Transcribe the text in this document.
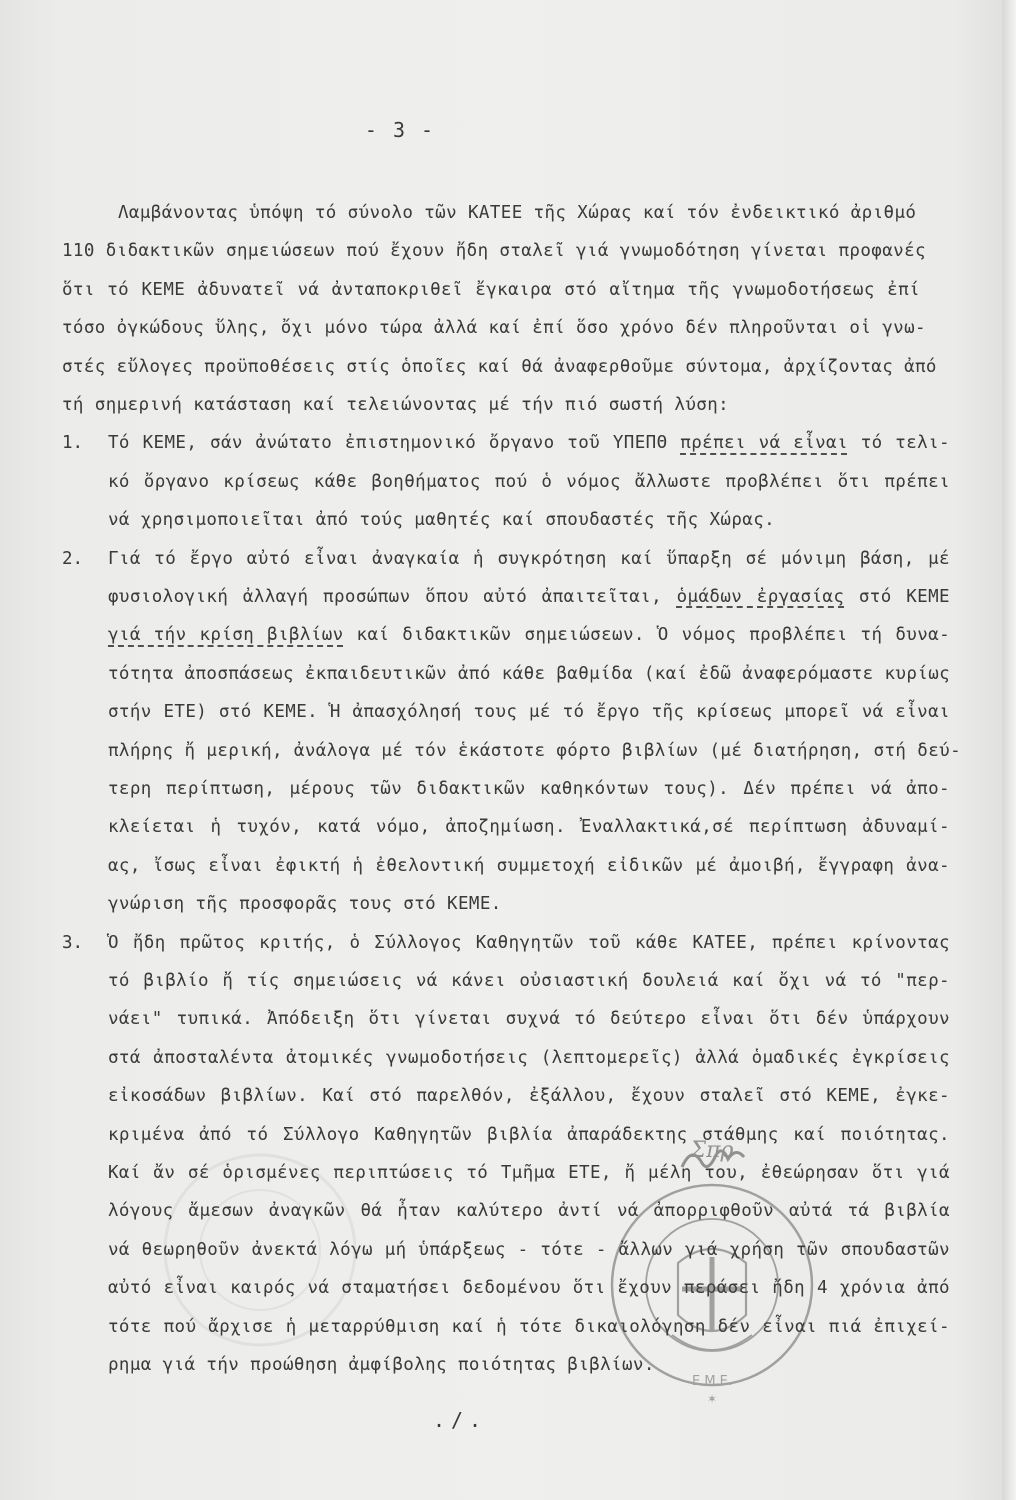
- 3 -
Λαμβάνοντας ὑπόψη τό σύνολο τῶν ΚΑΤΕΕ τῆς Χώρας καί τόν ἐνδεικτικό ἀριθμό
110 διδακτικῶν σημειώσεων πού ἔχουν ἤδη σταλεῖ γιά γνωμοδότηση γίνεται προφανές
ὅτι τό ΚΕΜΕ ἀδυνατεῖ νά ἀνταποκριθεῖ ἔγκαιρα στό αἴτημα τῆς γνωμοδοτήσεως ἐπί
τόσο ὀγκώδους ὕλης, ὄχι μόνο τώρα ἀλλά καί ἐπί ὅσο χρόνο δέν πληροῦνται οἱ γνω-
στές εὔλογες προϋποθέσεις στίς ὁποῖες καί θά ἀναφερθοῦμε σύντομα, ἀρχίζοντας ἀπό
τή σημερινή κατάσταση καί τελειώνοντας μέ τήν πιό σωστή λύση:
1. Τό ΚΕΜΕ, σάν ἀνώτατο ἐπιστημονικό ὄργανο τοῦ ΥΠΕΠΘ πρέπει νά εἶναι τό τελι-
κό ὄργανο κρίσεως κάθε βοηθήματος πού ὁ νόμος ἄλλωστε προβλέπει ὅτι πρέπει
νά χρησιμοποιεῖται ἀπό τούς μαθητές καί σπουδαστές τῆς Χώρας.
2. Γιά τό ἔργο αὐτό εἶναι ἀναγκαία ἡ συγκρότηση καί ὕπαρξη σέ μόνιμη βάση, μέ
φυσιολογική ἀλλαγή προσώπων ὅπου αὐτό ἀπαιτεῖται, ὁμάδων ἐργασίας στό ΚΕΜΕ
γιά τήν κρίση βιβλίων καί διδακτικῶν σημειώσεων. Ὁ νόμος προβλέπει τή δυνα-
τότητα ἀποσπάσεως ἐκπαιδευτικῶν ἀπό κάθε βαθμίδα (καί ἐδῶ ἀναφερόμαστε κυρίως
στήν ΕΤΕ) στό ΚΕΜΕ. Ἡ ἀπασχόλησή τους μέ τό ἔργο τῆς κρίσεως μπορεῖ νά εἶναι
πλήρης ἤ μερική, ἀνάλογα μέ τόν ἑκάστοτε φόρτο βιβλίων (μέ διατήρηση, στή δεύ-
τερη περίπτωση, μέρους τῶν διδακτικῶν καθηκόντων τους). Δέν πρέπει νά ἀπο-
κλείεται ἡ τυχόν, κατά νόμο, ἀποζημίωση. Ἐναλλακτικά,σέ περίπτωση ἀδυναμί-
ας, ἴσως εἶναι ἐφικτή ἡ ἐθελοντική συμμετοχή εἰδικῶν μέ ἀμοιβή, ἔγγραφη ἀνα-
γνώριση τῆς προσφορᾶς τους στό ΚΕΜΕ.
3. Ὁ ἤδη πρῶτος κριτής, ὁ Σύλλογος Καθηγητῶν τοῦ κάθε ΚΑΤΕΕ, πρέπει κρίνοντας
τό βιβλίο ἤ τίς σημειώσεις νά κάνει οὐσιαστική δουλειά καί ὄχι νά τό "περ-
νάει" τυπικά. Ἀπόδειξη ὅτι γίνεται συχνά τό δεύτερο εἶναι ὅτι δέν ὑπάρχουν
στά ἀποσταλέντα ἀτομικές γνωμοδοτήσεις (λεπτομερεῖς) ἀλλά ὁμαδικές ἐγκρίσεις
εἰκοσάδων βιβλίων. Καί στό παρελθόν, ἐξάλλου, ἔχουν σταλεῖ στό ΚΕΜΕ, ἐγκε-
κριμένα ἀπό τό Σύλλογο Καθηγητῶν βιβλία ἀπαράδεκτης στάθμης καί ποιότητας.
Καί ἄν σέ ὁρισμένες περιπτώσεις τό Τμῆμα ΕΤΕ, ἤ μέλη του, ἐθεώρησαν ὅτι γιά
λόγους ἄμεσων ἀναγκῶν θά ἦταν καλύτερο ἀντί νά ἀπορριφθοῦν αὐτά τά βιβλία
νά θεωρηθοῦν ἀνεκτά λόγω μή ὑπάρξεως - τότε - ἄλλων γιά χρήση τῶν σπουδαστῶν
αὐτό εἶναι καιρός νά σταματήσει δεδομένου ὅτι ἔχουν περάσει ἤδη 4 χρόνια ἀπό
τότε πού ἄρχισε ἡ μεταρρύθμιση καί ἡ τότε δικαιολόγηση δέν εἶναι πιά ἐπιχεί-
ρημα γιά τήν προώθηση ἀμφίβολης ποιότητας βιβλίων.
Ε.Μ.Ε.
✶
Σπρ
./.
